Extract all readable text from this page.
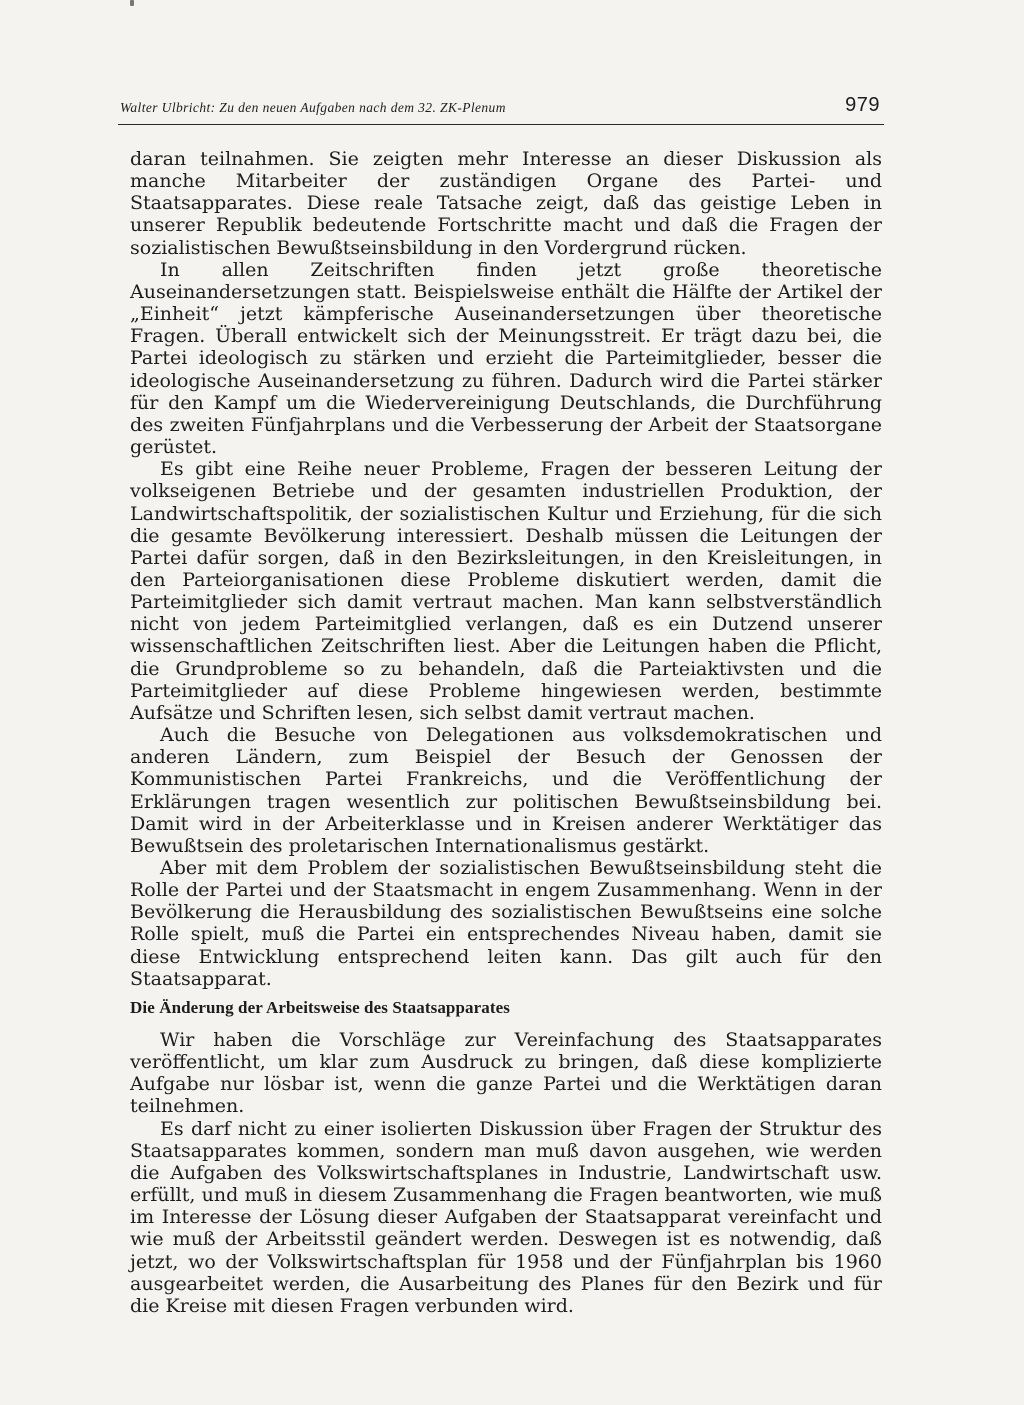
Walter Ulbricht: Zu den neuen Aufgaben nach dem 32. ZK-Plenum	979

daran teilnahmen. Sie zeigten mehr Interesse an dieser Diskussion als manche Mitarbeiter der zuständigen Organe des Partei- und Staatsapparates. Diese reale Tatsache zeigt, daß das geistige Leben in unserer Republik bedeutende Fortschritte macht und daß die Fragen der sozialistischen Bewußtseinsbildung in den Vordergrund rücken.

In allen Zeitschriften finden jetzt große theoretische Auseinandersetzungen statt. Beispielsweise enthält die Hälfte der Artikel der „Einheit“ jetzt kämpferische Auseinandersetzungen über theoretische Fragen. Überall entwickelt sich der Meinungsstreit. Er trägt dazu bei, die Partei ideologisch zu stärken und erzieht die Parteimitglieder, besser die ideologische Auseinandersetzung zu führen. Dadurch wird die Partei stärker für den Kampf um die Wiedervereinigung Deutschlands, die Durchführung des zweiten Fünfjahrplans und die Verbesserung der Arbeit der Staatsorgane gerüstet.

Es gibt eine Reihe neuer Probleme, Fragen der besseren Leitung der volkseigenen Betriebe und der gesamten industriellen Produktion, der Landwirtschaftspolitik, der sozialistischen Kultur und Erziehung, für die sich die gesamte Bevölkerung interessiert. Deshalb müssen die Leitungen der Partei dafür sorgen, daß in den Bezirksleitungen, in den Kreisleitungen, in den Parteiorganisationen diese Probleme diskutiert werden, damit die Parteimitglieder sich damit vertraut machen. Man kann selbstverständlich nicht von jedem Parteimitglied verlangen, daß es ein Dutzend unserer wissenschaftlichen Zeitschriften liest. Aber die Leitungen haben die Pflicht, die Grundprobleme so zu behandeln, daß die Parteiaktivsten und die Parteimitglieder auf diese Probleme hingewiesen werden, bestimmte Aufsätze und Schriften lesen, sich selbst damit vertraut machen.

Auch die Besuche von Delegationen aus volksdemokratischen und anderen Ländern, zum Beispiel der Besuch der Genossen der Kommunistischen Partei Frankreichs, und die Veröffentlichung der Erklärungen tragen wesentlich zur politischen Bewußtseinsbildung bei. Damit wird in der Arbeiterklasse und in Kreisen anderer Werktätiger das Bewußtsein des proletarischen Internationalismus gestärkt.

Aber mit dem Problem der sozialistischen Bewußtseinsbildung steht die Rolle der Partei und der Staatsmacht in engem Zusammenhang. Wenn in der Bevölkerung die Herausbildung des sozialistischen Bewußtseins eine solche Rolle spielt, muß die Partei ein entsprechendes Niveau haben, damit sie diese Entwicklung entsprechend leiten kann. Das gilt auch für den Staatsapparat.

Die Änderung der Arbeitsweise des Staatsapparates

Wir haben die Vorschläge zur Vereinfachung des Staatsapparates veröffentlicht, um klar zum Ausdruck zu bringen, daß diese komplizierte Aufgabe nur lösbar ist, wenn die ganze Partei und die Werktätigen daran teilnehmen.

Es darf nicht zu einer isolierten Diskussion über Fragen der Struktur des Staatsapparates kommen, sondern man muß davon ausgehen, wie werden die Aufgaben des Volkswirtschaftsplanes in Industrie, Landwirtschaft usw. erfüllt, und muß in diesem Zusammenhang die Fragen beantworten, wie muß im Interesse der Lösung dieser Aufgaben der Staatsapparat vereinfacht und wie muß der Arbeitsstil geändert werden. Deswegen ist es notwendig, daß jetzt, wo der Volkswirtschaftsplan für 1958 und der Fünfjahrplan bis 1960 ausgearbeitet werden, die Ausarbeitung des Planes für den Bezirk und für die Kreise mit diesen Fragen verbunden wird.
